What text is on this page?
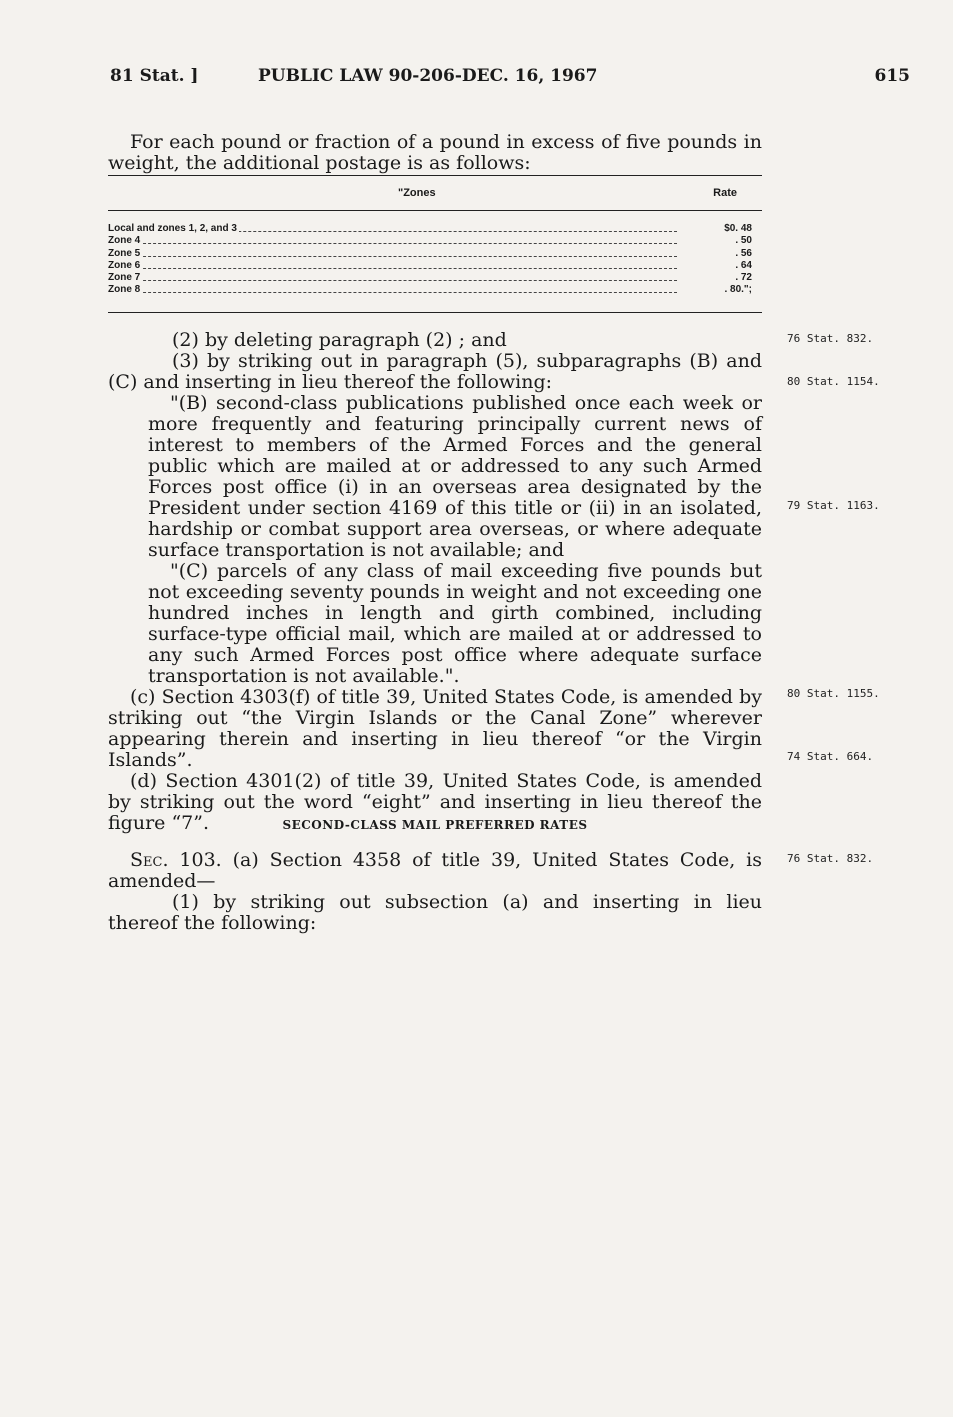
81 Stat. ]	PUBLIC LAW 90-206-DEC. 16, 1967	615

For each pound or fraction of a pound in excess of five pounds in weight, the additional postage is as follows:

"Zones	Rate
Local and zones 1, 2, and 3	$0. 48
Zone 4	. 50
Zone 5	. 56
Zone 6	. 64
Zone 7	. 72
Zone 8	. 80.";

(2) by deleting paragraph (2) ; and

(3) by striking out in paragraph (5), subparagraphs (B) and (C) and inserting in lieu thereof the following:

"(B) second-class publications published once each week or more frequently and featuring principally current news of interest to members of the Armed Forces and the general public which are mailed at or addressed to any such Armed Forces post office (i) in an overseas area designated by the President under section 4169 of this title or (ii) in an isolated, hardship or combat support area overseas, or where adequate surface transportation is not available; and

"(C) parcels of any class of mail exceeding five pounds but not exceeding seventy pounds in weight and not exceeding one hundred inches in length and girth combined, including surface-type official mail, which are mailed at or addressed to any such Armed Forces post office where adequate surface transportation is not available.".

(c) Section 4303(f) of title 39, United States Code, is amended by striking out “the Virgin Islands or the Canal Zone” wherever appearing therein and inserting in lieu thereof “or the Virgin Islands”.

(d) Section 4301(2) of title 39, United States Code, is amended by striking out the word “eight” and inserting in lieu thereof the figure “7”.	SECOND-CLASS MAIL PREFERRED RATES

Sec. 103. (a) Section 4358 of title 39, United States Code, is amended—

(1) by striking out subsection (a) and inserting in lieu thereof the following:

76 Stat. 832.
80 Stat. 1154.
79 Stat. 1163.
80 Stat. 1155.
74 Stat. 664.
76 Stat. 832.
